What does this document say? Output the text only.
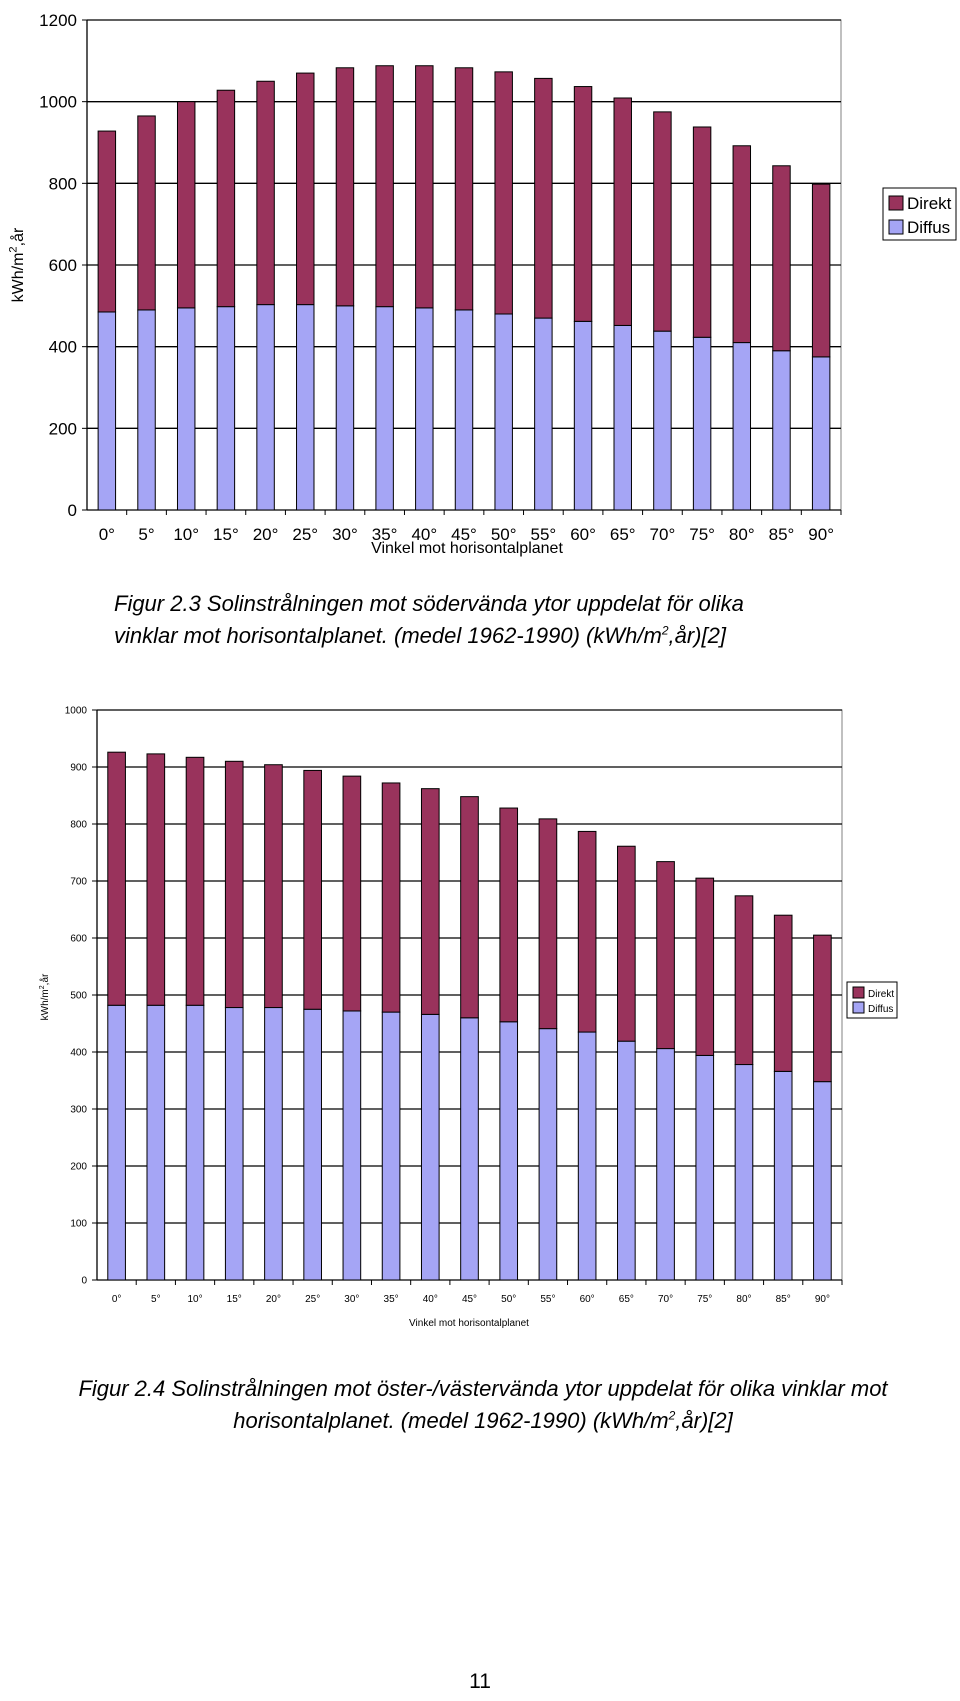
0
200
400
600
800
1000
1200
0° 5° 10° 15° 20° 25° 30° 35° 40° 45° 50° 55° 60° 65° 70° 75° 80° 85° 90°
Vinkel mot horisontalplanet
kWh/$m^2,år$
Direkt
Diffus
Figur 2.3 Solinstrålningen mot södervända ytor uppdelat för olika
vinklar mot horisontalplanet. (medel 1962-1990) $(kWh/m^2,år)[2]$
0
100
200
300
400
500
600
700
800
900
1000
0°	5°	10° 15° 20° 25° 30° 35° 40° 45° 50° 55° 60° 65° 70° 75° 80° 85° 90°
Vinkel mot horisontalplanet
kWh/$m^2,år$
Direkt
Diffus
Figur 2.4 Solinstrålningen mot öster-/västervända ytor uppdelat för olika vinklar mot
horisontalplanet. (medel 1962-1990) $(kWh/m^2,år)[2]$
11
